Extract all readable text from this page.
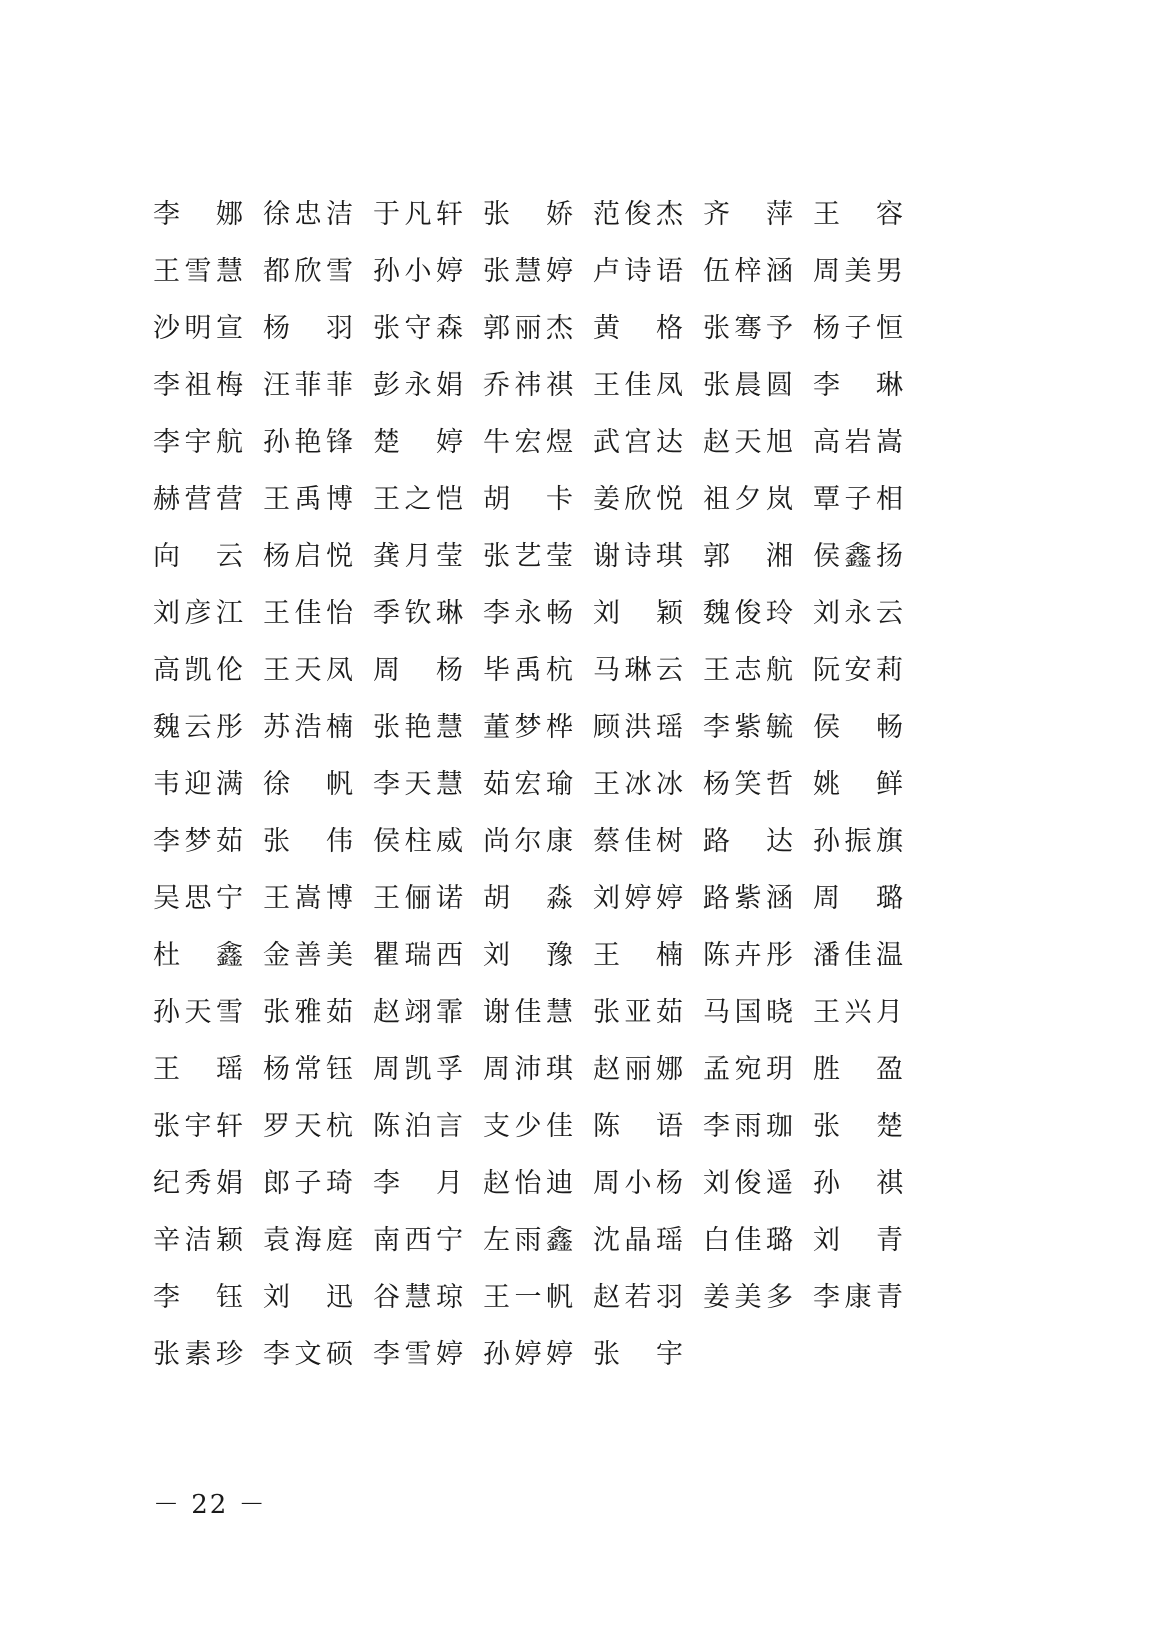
李 娜 徐 忠 洁 于 凡 轩 张 娇 范 俊 杰 齐 萍 王 容
王 雪 慧 都 欣 雪 孙 小 婷 张 慧 婷 卢 诗 语 伍 梓 涵 周 美 男
沙 明 宣 杨 羽 张 守 森 郭 丽 杰 黄 格 张 骞 予 杨 子 恒
李 祖 梅 汪 菲 菲 彭 永 娟 乔 祎 祺 王 佳 凤 张 晨 圆 李 琳
李 宇 航 孙 艳 锋 楚 婷 牛 宏 煜 武 宫 达 赵 天 旭 高 岩 嵩
赫 营 营 王 禹 博 王 之 恺 胡 卡 姜 欣 悦 祖 夕 岚 覃 子 相
向 云 杨 启 悦 龚 月 莹 张 艺 莹 谢 诗 琪 郭 湘 侯 鑫 扬
刘 彦 江 王 佳 怡 季 钦 琳 李 永 畅 刘 颖 魏 俊 玲 刘 永 云
高 凯 伦 王 天 凤 周 杨 毕 禹 杭 马 琳 云 王 志 航 阮 安 莉
魏 云 彤 苏 浩 楠 张 艳 慧 董 梦 桦 顾 洪 瑶 李 紫 毓 侯 畅
韦 迎 满 徐 帆 李 天 慧 茹 宏 瑜 王 冰 冰 杨 笑 哲 姚 鲜
李 梦 茹 张 伟 侯 柱 威 尚 尔 康 蔡 佳 树 路 达 孙 振 旗
吴 思 宁 王 嵩 博 王 俪 诺 胡 淼 刘 婷 婷 路 紫 涵 周 璐
杜 鑫 金 善 美 瞿 瑞 西 刘 豫 王 楠 陈 卉 彤 潘 佳 温
孙 天 雪 张 雅 茹 赵 翊 霏 谢 佳 慧 张 亚 茹 马 国 晓 王 兴 月
王 瑶 杨 常 钰 周 凯 孚 周 沛 琪 赵 丽 娜 孟 宛 玥 胜 盈
张 宇 轩 罗 天 杭 陈 泊 言 支 少 佳 陈 语 李 雨 珈 张 楚
纪 秀 娟 郎 子 琦 李 月 赵 怡 迪 周 小 杨 刘 俊 遥 孙 祺
辛 洁 颖 袁 海 庭 南 西 宁 左 雨 鑫 沈 晶 瑶 白 佳 璐 刘 青
李 钰 刘 迅 谷 慧 琼 王 一 帆 赵 若 羽 姜 美 多 李 康 青
张 素 珍 李 文 硕 李 雪 婷 孙 婷 婷 张 宇
－ 22 －
